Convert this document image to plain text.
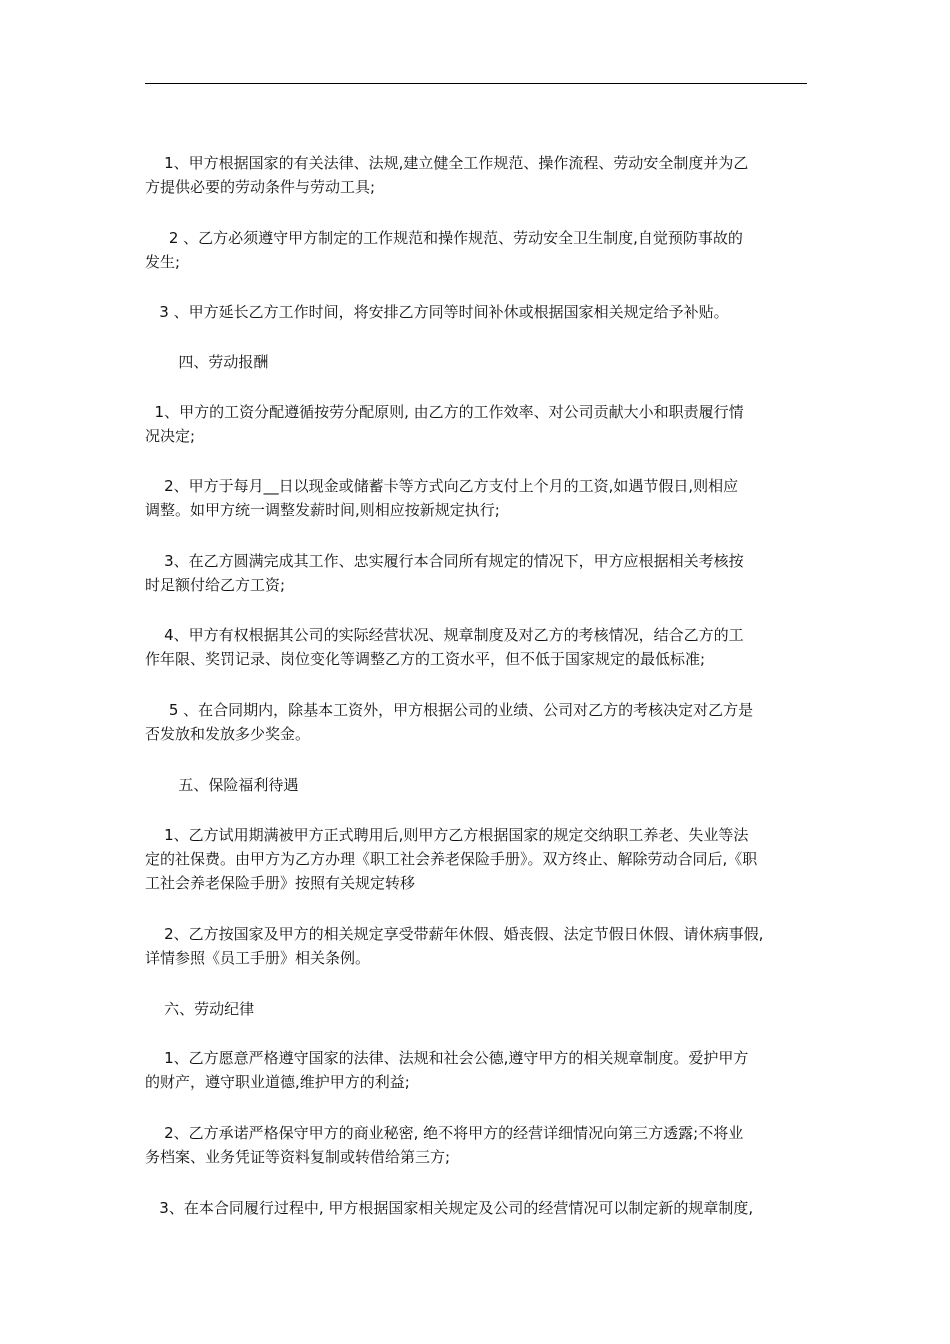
1、甲方根据国家的有关法律、法规,建立健全工作规范、操作流程、劳动安全制度并为乙
方提供必要的劳动条件与劳动工具;

2 、乙方必须遵守甲方制定的工作规范和操作规范、劳动安全卫生制度,自觉预防事故的
发生;

3 、甲方延长乙方工作时间，将安排乙方同等时间补休或根据国家相关规定给予补贴。

四、劳动报酬

1、甲方的工资分配遵循按劳分配原则, 由乙方的工作效率、对公司贡献大小和职责履行情
况决定;

2、甲方于每月__日以现金或储蓄卡等方式向乙方支付上个月的工资,如遇节假日,则相应
调整。如甲方统一调整发薪时间,则相应按新规定执行;

3、在乙方圆满完成其工作、忠实履行本合同所有规定的情况下，甲方应根据相关考核按
时足额付给乙方工资;

4、甲方有权根据其公司的实际经营状况、规章制度及对乙方的考核情况，结合乙方的工
作年限、奖罚记录、岗位变化等调整乙方的工资水平，但不低于国家规定的最低标准;

5 、在合同期内，除基本工资外，甲方根据公司的业绩、公司对乙方的考核决定对乙方是
否发放和发放多少奖金。

五、保险福利待遇

1、乙方试用期满被甲方正式聘用后,则甲方乙方根据国家的规定交纳职工养老、失业等法
定的社保费。由甲方为乙方办理《职工社会养老保险手册》。双方终止、解除劳动合同后,《职
工社会养老保险手册》按照有关规定转移

2、乙方按国家及甲方的相关规定享受带薪年休假、婚丧假、法定节假日休假、请休病事假,
详情参照《员工手册》相关条例。

六、劳动纪律

1、乙方愿意严格遵守国家的法律、法规和社会公德,遵守甲方的相关规章制度。爱护甲方
的财产，遵守职业道德,维护甲方的利益;

2、乙方承诺严格保守甲方的商业秘密, 绝不将甲方的经营详细情况向第三方透露;不将业
务档案、业务凭证等资料复制或转借给第三方;

3、在本合同履行过程中, 甲方根据国家相关规定及公司的经营情况可以制定新的规章制度,
